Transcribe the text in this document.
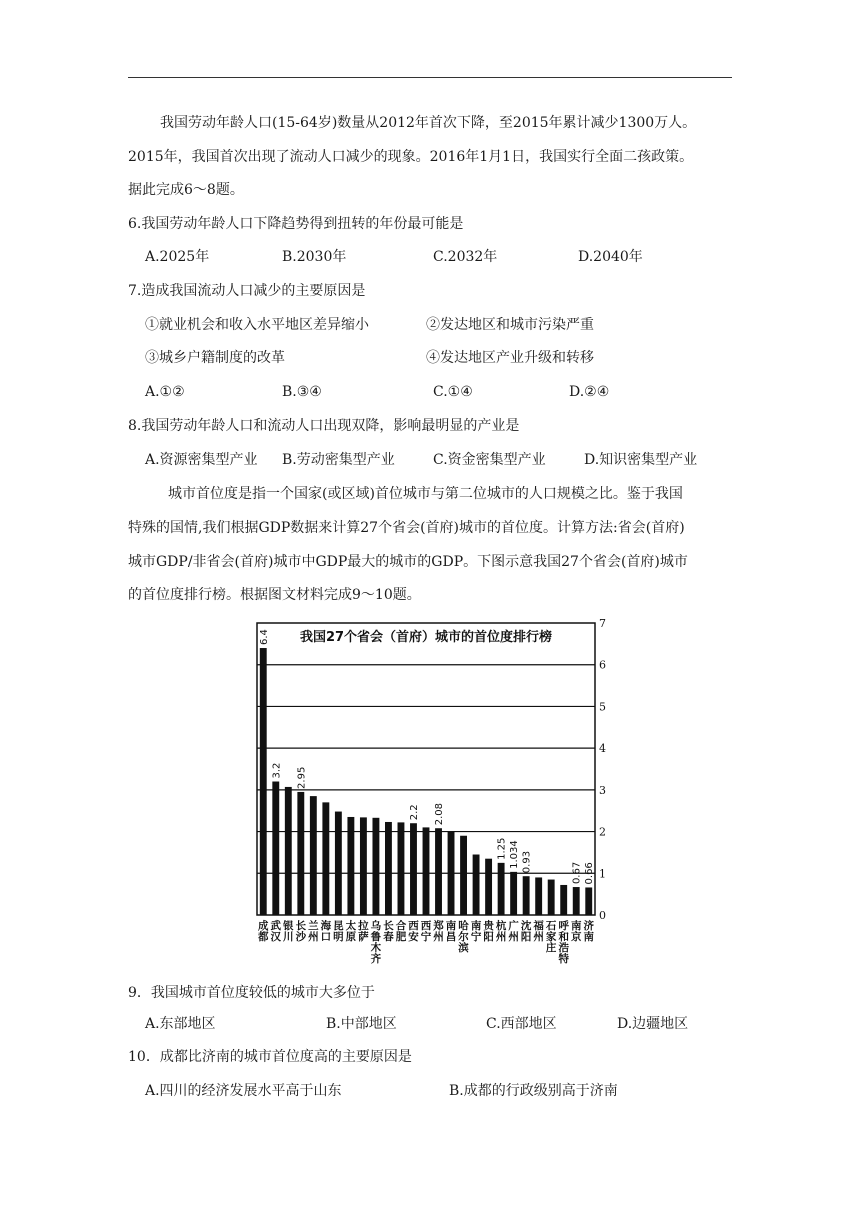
我国劳动年龄人口(15-64岁)数量从2012年首次下降，至2015年累计减少1300万人。
2015年，我国首次出现了流动人口减少的现象。2016年1月1日，我国实行全面二孩政策。
据此完成6～8题。
6.我国劳动年龄人口下降趋势得到扭转的年份最可能是
A.2025年	B.2030年	C.2032年	D.2040年
7.造成我国流动人口减少的主要原因是
①就业机会和收入水平地区差异缩小	②发达地区和城市污染严重
③城乡户籍制度的改革	④发达地区产业升级和转移
A.①②	B.③④	C.①④	D.②④
8.我国劳动年龄人口和流动人口出现双降，影响最明显的产业是
A.资源密集型产业 B.劳动密集型产业	C.资金密集型产业	D.知识密集型产业
城市首位度是指一个国家(或区域)首位城市与第二位城市的人口规模之比。鉴于我国
特殊的国情,我们根据GDP数据来计算27个省会(首府)城市的首位度。计算方法:省会(首府)
城市GDP/非省会(首府)城市中GDP最大的城市的GDP。下图示意我国27个省会(首府)城市
的首位度排行榜。根据图文材料完成9～10题。
0
1
2
3
4
5
6
7
我国27个省会（首府）城市的首位度排行榜
6.4
成
都
3.2
武
汉
银
川
2.95
长
沙
兰
州
海
口
昆
明
太
原
拉
萨
乌
鲁
木
齐
长
春
合
肥
2.2
西
安
西
宁
2.08
郑
州
南
昌
哈
尔
滨
南
宁
贵
阳
1.25
杭
州
1.034
广
州
0.93
沈
阳
福
州
石
家
庄
呼
和
浩
特
0.67
南
京
0.66
济
南
9．我国城市首位度较低的城市大多位于
A.东部地区	B.中部地区	C.西部地区	D.边疆地区
10．成都比济南的城市首位度高的主要原因是
A.四川的经济发展水平高于山东	B.成都的行政级别高于济南
